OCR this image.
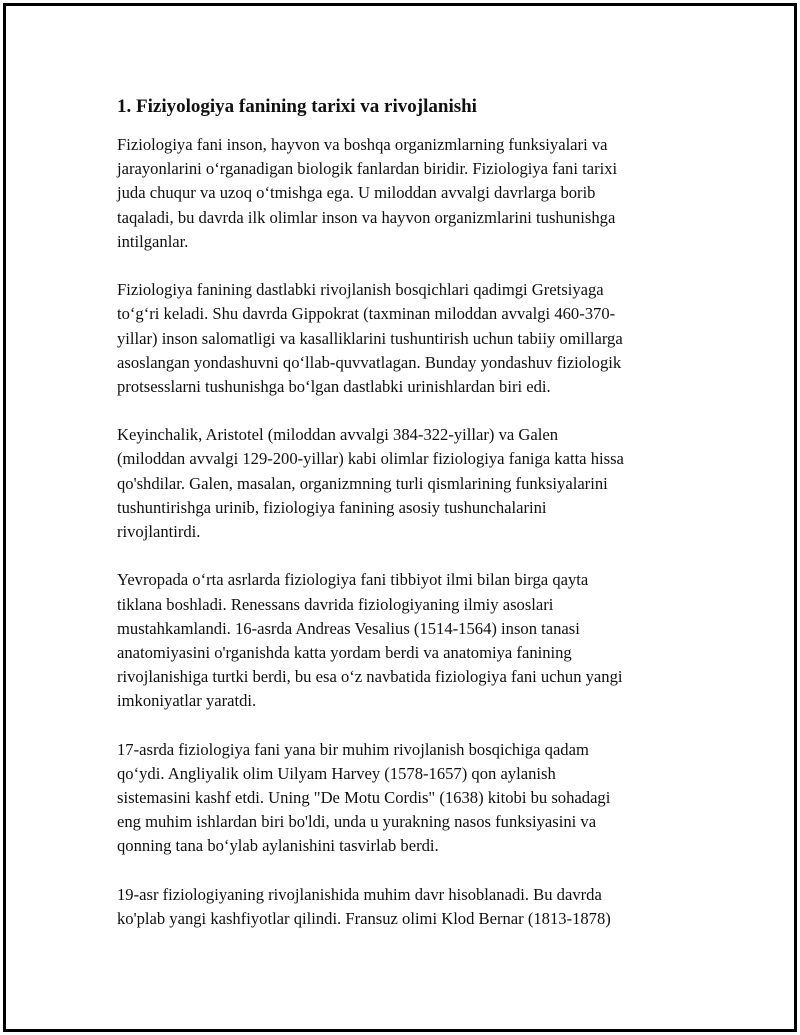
1. Fiziyologiya fanining tarixi va rivojlanishi

Fiziologiya fani inson, hayvon va boshqa organizmlarning funksiyalari va
jarayonlarini o‘rganadigan biologik fanlardan biridir. Fiziologiya fani tarixi
juda chuqur va uzoq o‘tmishga ega. U miloddan avvalgi davrlarga borib
taqaladi, bu davrda ilk olimlar inson va hayvon organizmlarini tushunishga
intilganlar.

Fiziologiya fanining dastlabki rivojlanish bosqichlari qadimgi Gretsiyaga
to‘g‘ri keladi. Shu davrda Gippokrat (taxminan miloddan avvalgi 460-370-
yillar) inson salomatligi va kasalliklarini tushuntirish uchun tabiiy omillarga
asoslangan yondashuvni qo‘llab-quvvatlagan. Bunday yondashuv fiziologik
protsesslarni tushunishga bo‘lgan dastlabki urinishlardan biri edi.

Keyinchalik, Aristotel (miloddan avvalgi 384-322-yillar) va Galen
(miloddan avvalgi 129-200-yillar) kabi olimlar fiziologiya faniga katta hissa
qo'shdilar. Galen, masalan, organizmning turli qismlarining funksiyalarini
tushuntirishga urinib, fiziologiya fanining asosiy tushunchalarini
rivojlantirdi.

Yevropada o‘rta asrlarda fiziologiya fani tibbiyot ilmi bilan birga qayta
tiklana boshladi. Renessans davrida fiziologiyaning ilmiy asoslari
mustahkamlandi. 16-asrda Andreas Vesalius (1514-1564) inson tanasi
anatomiyasini o'rganishda katta yordam berdi va anatomiya fanining
rivojlanishiga turtki berdi, bu esa o‘z navbatida fiziologiya fani uchun yangi
imkoniyatlar yaratdi.

17-asrda fiziologiya fani yana bir muhim rivojlanish bosqichiga qadam
qo‘ydi. Angliyalik olim Uilyam Harvey (1578-1657) qon aylanish
sistemasini kashf etdi. Uning "De Motu Cordis" (1638) kitobi bu sohadagi
eng muhim ishlardan biri bo'ldi, unda u yurakning nasos funksiyasini va
qonning tana bo‘ylab aylanishini tasvirlab berdi.

19-asr fiziologiyaning rivojlanishida muhim davr hisoblanadi. Bu davrda
ko'plab yangi kashfiyotlar qilindi. Fransuz olimi Klod Bernar (1813-1878)
